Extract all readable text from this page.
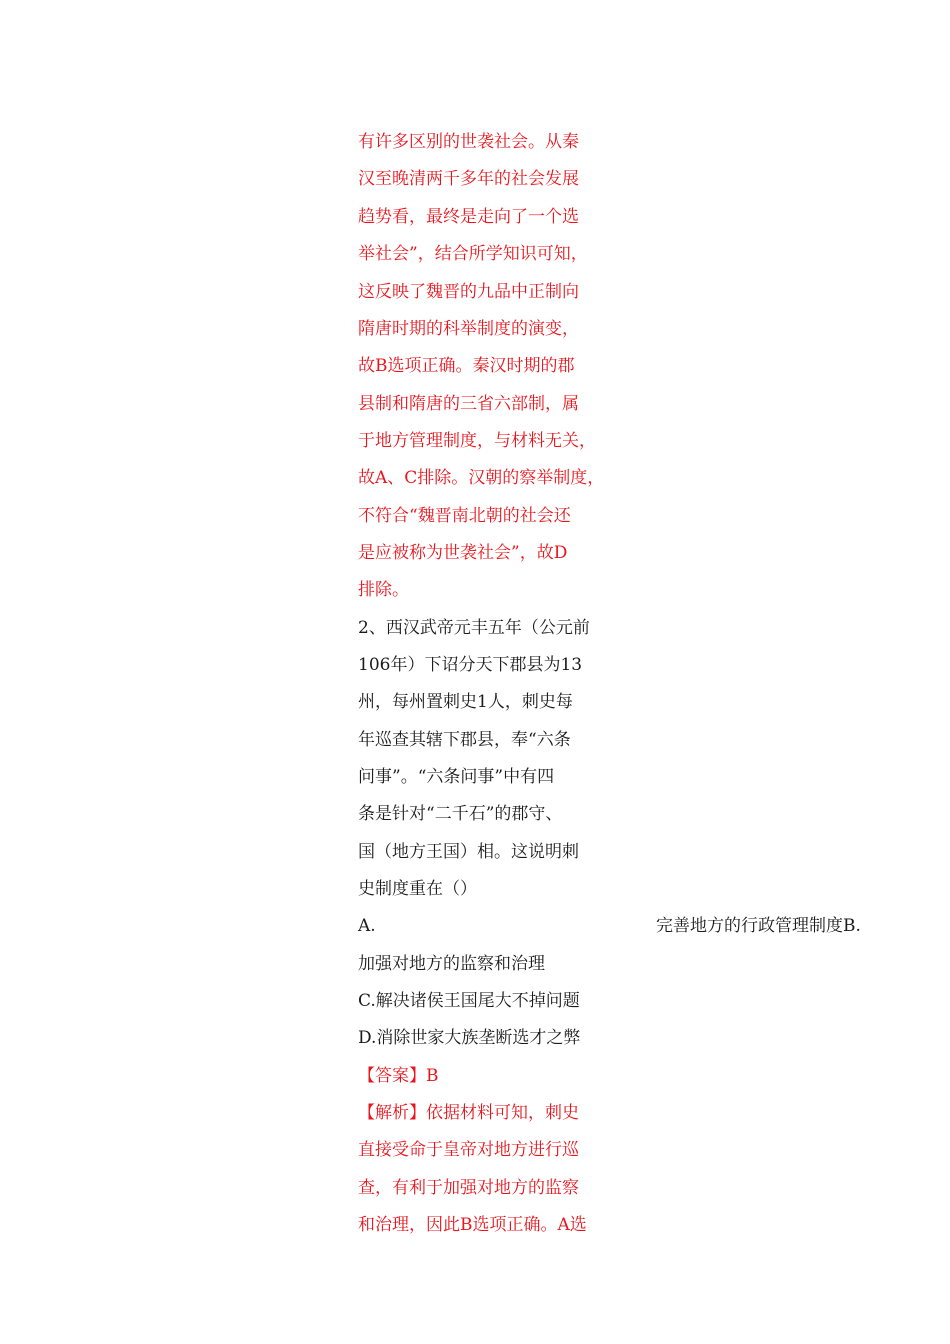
有许多区别的世袭社会。从秦
汉至晚清两千多年的社会发展
趋势看，最终是走向了一个选
举社会”，结合所学知识可知，
这反映了魏晋的九品中正制向
隋唐时期的科举制度的演变，
故B选项正确。秦汉时期的郡
县制和隋唐的三省六部制，属
于地方管理制度，与材料无关，
故A、C排除。汉朝的察举制度，
不符合“魏晋南北朝的社会还
是应被称为世袭社会”，故D
排除。
2、西汉武帝元丰五年（公元前
106年）下诏分天下郡县为13
州，每州置刺史1人，刺史每
年巡查其辖下郡县，奉“六条
问事”。“六条问事”中有四
条是针对“二千石”的郡守、
国（地方王国）相。这说明刺
史制度重在（）
A.	完善地方的行政管理制度B.
加强对地方的监察和治理
C.解决诸侯王国尾大不掉问题
D.消除世家大族垄断选才之弊
【答案】B
【解析】依据材料可知，刺史
直接受命于皇帝对地方进行巡
查，有利于加强对地方的监察
和治理，因此B选项正确。A选
